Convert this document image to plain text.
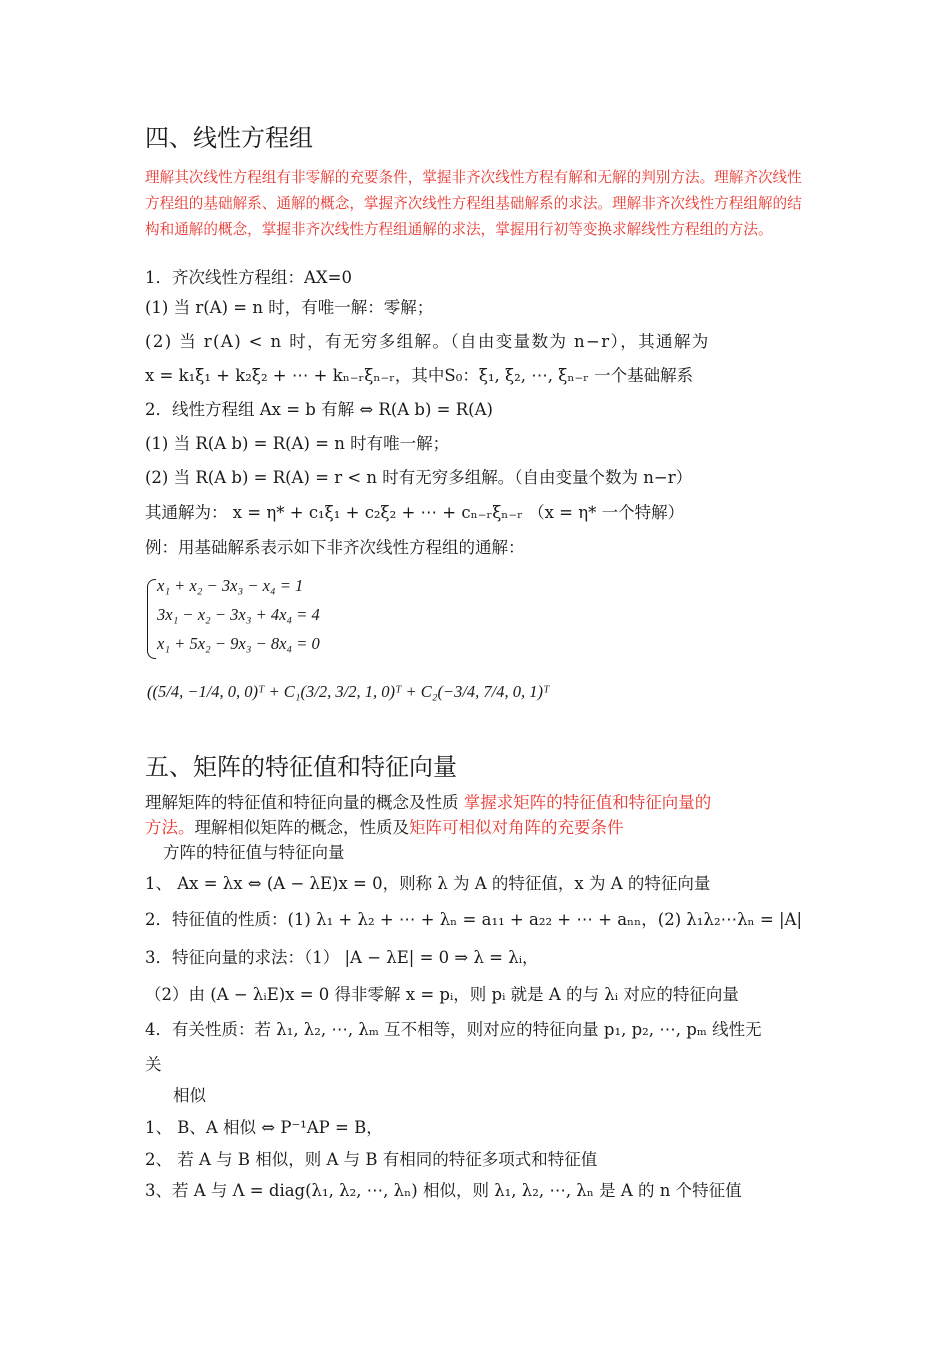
四、线性方程组
理解其次线性方程组有非零解的充要条件，掌握非齐次线性方程有解和无解的判别方法。理解齐次线性方程组的基础解系、通解的概念，掌握齐次线性方程组基础解系的求法。理解非齐次线性方程组解的结构和通解的概念，掌握非齐次线性方程组通解的求法，掌握用行初等变换求解线性方程组的方法。
1．齐次线性方程组：AX=0
(1) 当 r(A) = n 时，有唯一解：零解；
(2) 当 r(A) < n 时，有无穷多组解。（自由变量数为 n−r），其通解为
x = k₁ξ₁ + k₂ξ₂ + ⋯ + kₙ₋ᵣξₙ₋ᵣ，其中S₀：ξ₁, ξ₂, ⋯, ξₙ₋ᵣ 一个基础解系
2．线性方程组 Ax = b 有解 ⇔ R(A b) = R(A)
(1) 当 R(A b) = R(A) = n 时有唯一解；
(2) 当 R(A b) = R(A) = r < n 时有无穷多组解。（自由变量个数为 n−r）
其通解为： x = η* + c₁ξ₁ + c₂ξ₂ + ⋯ + cₙ₋ᵣξₙ₋ᵣ （x = η* 一个特解）
例：用基础解系表示如下非齐次线性方程组的通解：
x₁ + x₂ − 3x₃ − x₄ = 1
3x₁ − x₂ − 3x₃ + 4x₄ = 4
x₁ + 5x₂ − 9x₃ − 8x₄ = 0
((5/4, −1/4, 0, 0)ᵀ + C₁(3/2, 3/2, 1, 0)ᵀ + C₂(−3/4, 7/4, 0, 1)ᵀ
五、矩阵的特征值和特征向量
理解矩阵的特征值和特征向量的概念及性质 掌握求矩阵的特征值和特征向量的
方法。理解相似矩阵的概念，性质及矩阵可相似对角阵的充要条件
方阵的特征值与特征向量
1、 Ax = λx ⇔ (A − λE)x = 0，则称 λ 为 A 的特征值，x 为 A 的特征向量
2．特征值的性质：(1) λ₁ + λ₂ + ⋯ + λₙ = a₁₁ + a₂₂ + ⋯ + aₙₙ，(2) λ₁λ₂⋯λₙ = |A|
3．特征向量的求法：（1） |A − λE| = 0 ⇒ λ = λᵢ，
（2）由 (A − λᵢE)x = 0 得非零解 x = pᵢ，则 pᵢ 就是 A 的与 λᵢ 对应的特征向量
4．有关性质：若 λ₁, λ₂, ⋯, λₘ 互不相等，则对应的特征向量 p₁, p₂, ⋯, pₘ 线性无
关
相似
1、 B、A 相似 ⇔ P⁻¹AP = B，
2、 若 A 与 B 相似，则 A 与 B 有相同的特征多项式和特征值
3、若 A 与 Λ = diag(λ₁, λ₂, ⋯, λₙ) 相似，则 λ₁, λ₂, ⋯, λₙ 是 A 的 n 个特征值
